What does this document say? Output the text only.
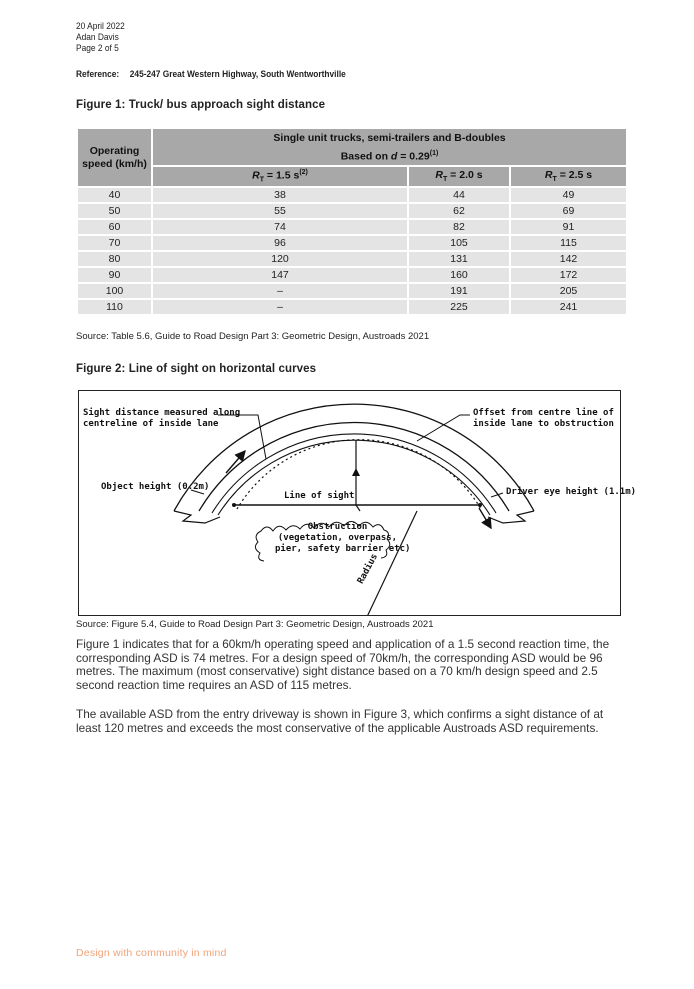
20 April 2022
Adan Davis
Page 2 of 5
Reference: 245-247 Great Western Highway, South Wentworthville
Figure 1: Truck/ bus approach sight distance
Operating speed (km/h)	Single unit trucks, semi-trailers and B-doubles
Based on $d = 0.29^{(1)}$

	$R_T = 1.5$ $s^{(2)}$	$R_T = 2.0$ s	$R_T = 2.5$ s
40	38	44	49
50	55	62	69
60	74	82	91
70	96	105	115
80	120	131	142
90	147	160	172
100	–	191	205
110	–	225	241
Source: Table 5.6, Guide to Road Design Part 3: Geometric Design, Austroads 2021
Figure 2: Line of sight on horizontal curves
Sight distance measured along
centreline of inside lane
Offset from centre line of
inside lane to obstruction
Object height (0.2m)	Driver eye height (1.1m)
Line of sight
Obstruction
(vegetation, overpass,
pier, safety barrier etc)
Radius
Source: Figure 5.4, Guide to Road Design Part 3: Geometric Design, Austroads 2021
Figure 1 indicates that for a 60km/h operating speed and application of a 1.5 second reaction time, the corresponding ASD is 74 metres. For a design speed of 70km/h, the corresponding ASD would be 96 metres. The maximum (most conservative) sight distance based on a 70 km/h design speed and 2.5 second reaction time requires an ASD of 115 metres.
The available ASD from the entry driveway is shown in Figure 3, which confirms a sight distance of at least 120 metres and exceeds the most conservative of the applicable Austroads ASD requirements.
Design with community in mind
